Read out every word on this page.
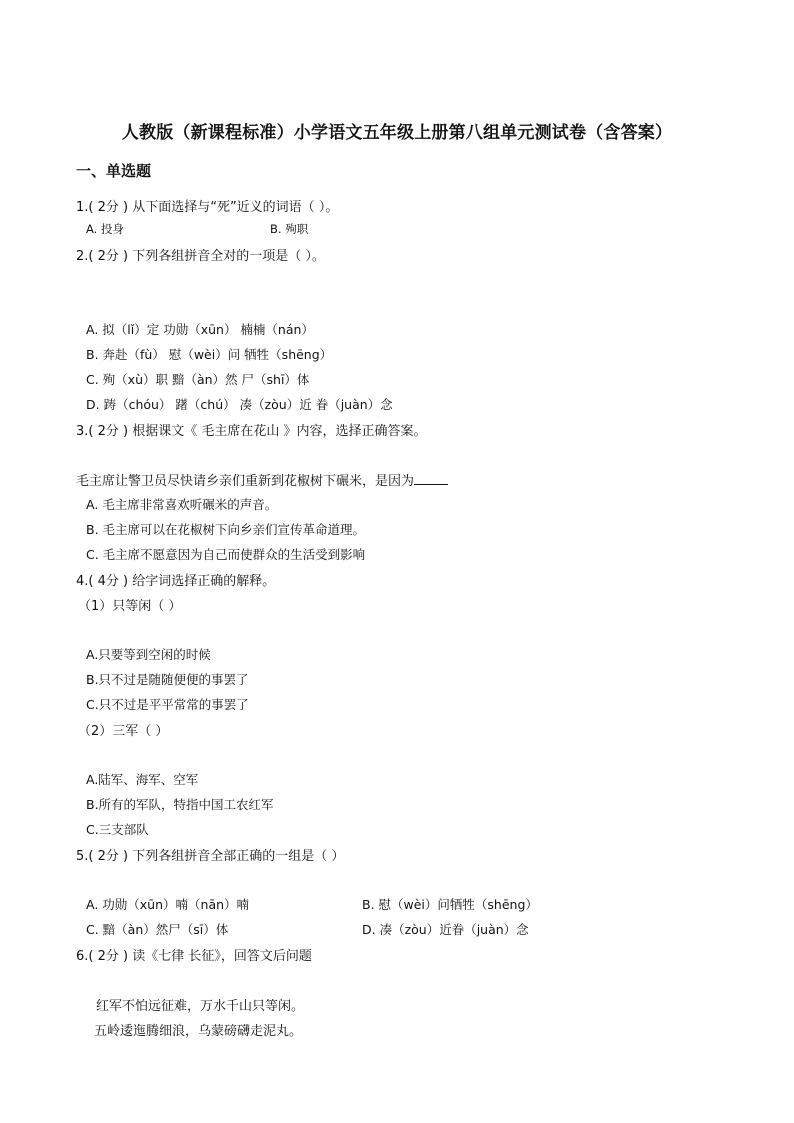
人教版（新课程标准）小学语文五年级上册第八组单元测试卷（含答案）
一、单选题
1.( 2分 ) 从下面选择与“死”近义的词语（ ）。
A. 投身	B. 殉职
2.( 2分 ) 下列各组拼音全对的一项是（ ）。
A. 拟（lǐ）定 功勋（xūn） 楠楠（nán）
B. 奔赴（fù） 慰（wèi）问 牺牲（shēng）
C. 殉（xù）职 黯（àn）然 尸（shī）体
D. 踌（chóu） 躇（chú） 凑（zòu）近 眷（juàn）念
3.( 2分 ) 根据课文《 毛主席在花山 》内容，选择正确答案。
毛主席让警卫员尽快请乡亲们重新到花椒树下碾米，是因为
A. 毛主席非常喜欢听碾米的声音。
B. 毛主席可以在花椒树下向乡亲们宣传革命道理。
C. 毛主席不愿意因为自己而使群众的生活受到影响
4.( 4分 ) 给字词选择正确的解释。
（1）只等闲（ ）
A.只要等到空闲的时候
B.只不过是随随便便的事罢了
C.只不过是平平常常的事罢了
（2）三军（ ）
A.陆军、海军、空军
B.所有的军队，特指中国工农红军
C.三支部队
5.( 2分 ) 下列各组拼音全部正确的一组是（ ）
A. 功勋（xūn）喃（nān）喃	B. 慰（wèi）问牺牲（shēng）
C. 黯（àn）然尸（sī）体	D. 凑（zòu）近眷（juàn）念
6.( 2分 ) 读《七律 长征》，回答文后问题
红军不怕远征难，万水千山只等闲。
五岭逶迤腾细浪，乌蒙磅礴走泥丸。
